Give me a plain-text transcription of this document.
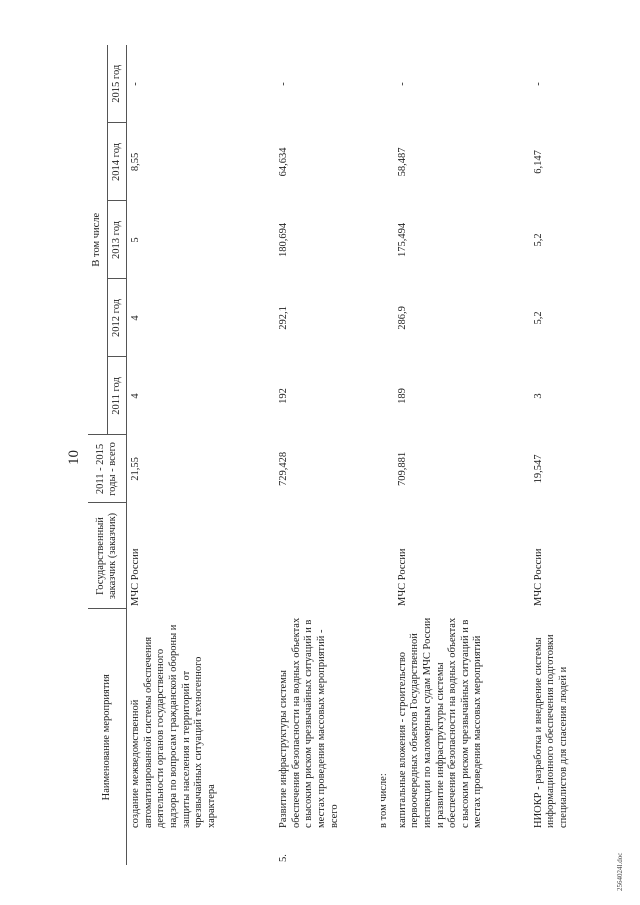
10
Наименование мероприятия		Государственный заказчик (заказчик)	2011 - 2015 годы - всего	В том числе				
				2011 год	2012 год	2013 год	2014 год	2015 год
	создание межведомственной автоматизированной системы обеспечения деятельности органов государственного надзора по вопросам гражданской обороны и защиты населения и территорий от чрезвычайных ситуаций техногенного характера	МЧС России	21,55	4	4	5	8,55	-
5.	Развитие инфраструктуры системы обеспечения безопасности на водных объектах с высоким риском чрезвычайных ситуаций и в местах проведения массовых мероприятий - всего		729,428	192	292,1	180,694	64,634	-
	в том числе:							
	капитальные вложения - строительство первоочередных объектов Государственной инспекции по маломерным судам МЧС России и развитие инфраструктуры системы обеспечения безопасности на водных объектах с высоким риском чрезвычайных ситуаций и в местах проведения массовых мероприятий	МЧС России	709,881	189	286,9	175,494	58,487	-
	НИОКР - разработка и внедрение системы информационного обеспечения подготовки специалистов для спасения людей и	МЧС России	19,547	3	5,2	5,2	6,147	-
2564024l.doc
